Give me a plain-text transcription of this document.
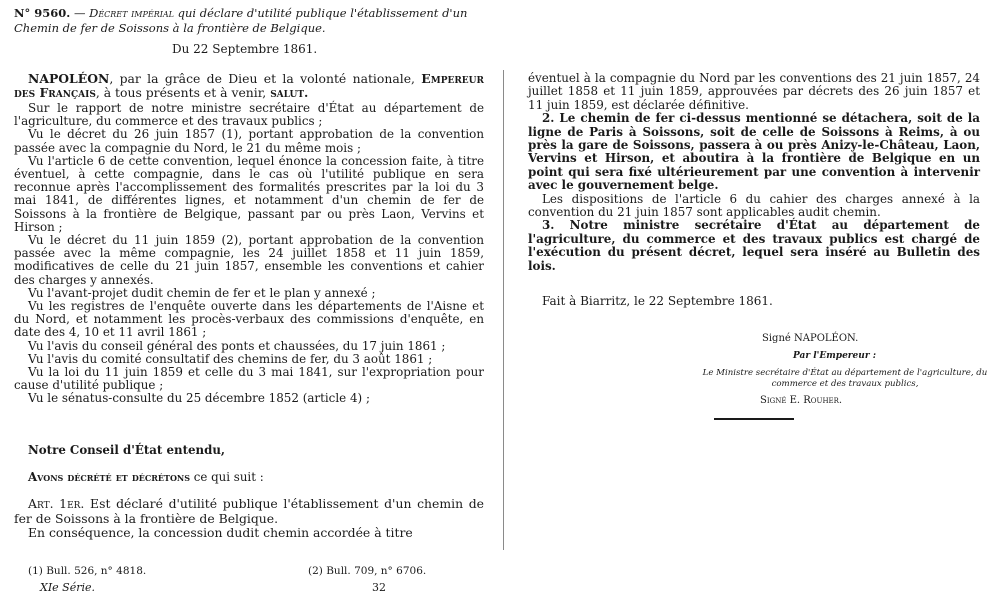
N° 9560. — Décret impérial qui déclare d'utilité publique l'établissement d'un Chemin de fer de Soissons à la frontière de Belgique.
Du 22 Septembre 1861.

NAPOLÉON, par la grâce de Dieu et la volonté nationale, Empereur des Français, à tous présents et à venir, salut.

Sur le rapport de notre ministre secrétaire d'État au département de l'agriculture, du commerce et des travaux publics ;

Vu le décret du 26 juin 1857 (1), portant approbation de la convention passée avec la compagnie du Nord, le 21 du même mois ;

Vu l'article 6 de cette convention, lequel énonce la concession faite, à titre éventuel, à cette compagnie, dans le cas où l'utilité publique en sera reconnue après l'accomplissement des formalités prescrites par la loi du 3 mai 1841, de différentes lignes, et notamment d'un chemin de fer de Soissons à la frontière de Belgique, passant par ou près Laon, Vervins et Hirson ;

Vu le décret du 11 juin 1859 (2), portant approbation de la convention passée avec la même compagnie, les 24 juillet 1858 et 11 juin 1859, modificatives de celle du 21 juin 1857, ensemble les conventions et cahier des charges y annexés.

Vu l'avant-projet dudit chemin de fer et le plan y annexé ;

Vu les registres de l'enquête ouverte dans les départements de l'Aisne et du Nord, et notamment les procès-verbaux des commissions d'enquête, en date des 4, 10 et 11 avril 1861 ;

Vu l'avis du conseil général des ponts et chaussées, du 17 juin 1861 ;

Vu l'avis du comité consultatif des chemins de fer, du 3 août 1861 ;

Vu la loi du 11 juin 1859 et celle du 3 mai 1841, sur l'expropriation pour cause d'utilité publique ;

Vu le sénatus-consulte du 25 décembre 1852 (article 4) ;

Notre Conseil d'État entendu,
Avons décrété et décrétons ce qui suit :

Art. 1er. Est déclaré d'utilité publique l'établissement d'un chemin de fer de Soissons à la frontière de Belgique.

En conséquence, la concession dudit chemin accordée à titre

(1) Bull. 526, n° 4818.	(2) Bull. 709, n° 6706.
XIe Série.	32

éventuel à la compagnie du Nord par les conventions des 21 juin 1857, 24 juillet 1858 et 11 juin 1859, approuvées par décrets des 26 juin 1857 et 11 juin 1859, est déclarée définitive.

2. Le chemin de fer ci-dessus mentionné se détachera, soit de la ligne de Paris à Soissons, soit de celle de Soissons à Reims, à ou près la gare de Soissons, passera à ou près Anizy-le-Château, Laon, Vervins et Hirson, et aboutira à la frontière de Belgique en un point qui sera fixé ultérieurement par une convention à intervenir avec le gouvernement belge.

Les dispositions de l'article 6 du cahier des charges annexé à la convention du 21 juin 1857 sont applicables audit chemin.

3. Notre ministre secrétaire d'État au département de l'agriculture, du commerce et des travaux publics est chargé de l'exécution du présent décret, lequel sera inséré au Bulletin des lois.

Fait à Biarritz, le 22 Septembre 1861.
Signé NAPOLÉON.
Par l'Empereur :
Le Ministre secrétaire d'État au département de l'agriculture, du commerce et des travaux publics,
Signé E. Rouher.
